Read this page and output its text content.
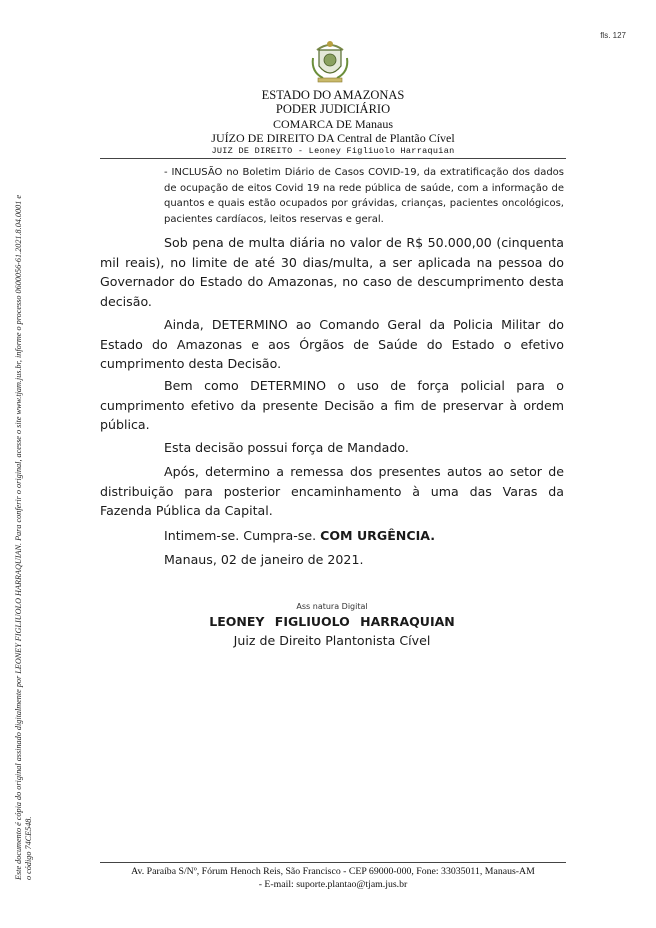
fls. 127
Este documento é cópia do original assinado digitalmente por LEONEY FIGLIUOLO HARRAQUIAN. Para conferir o original, acesse o site www.tjam.jus.br, informe o processo 0600056-61.2021.8.04.0001 e o código 74CE548.
ESTADO DO AMAZONAS
PODER JUDICIÁRIO
COMARCA DE Manaus
JUÍZO DE DIREITO DA Central de Plantão Cível
JUIZ DE DIREITO - Leoney Figliuolo Harraquian

- INCLUSÃO no Boletim Diário de Casos COVID-19, da extratificação dos dados de ocupação de eitos Covid 19 na rede pública de saúde, com a informação de quantos e quais estão ocupados por grávidas, crianças, pacientes oncológicos, pacientes cardíacos, leitos reservas e geral.

Sob pena de multa diária no valor de R$ 50.000,00 (cinquenta mil reais), no limite de até 30 dias/multa, a ser aplicada na pessoa do Governador do Estado do Amazonas, no caso de descumprimento desta decisão.

Ainda, DETERMINO ao Comando Geral da Policia Militar do Estado do Amazonas e aos Órgãos de Saúde do Estado o efetivo cumprimento desta Decisão.

Bem como DETERMINO o uso de força policial para o cumprimento efetivo da presente Decisão a fim de preservar à ordem pública.

Esta decisão possui força de Mandado.

Após, determino a remessa dos presentes autos ao setor de distribuição para posterior encaminhamento à uma das Varas da Fazenda Pública da Capital.

Intimem-se. Cumpra-se. COM URGÊNCIA.

Manaus, 02 de janeiro de 2021.

Ass natura Digital
LEONEY FIGLIUOLO HARRAQUIAN
Juiz de Direito Plantonista Cível
Av. Paraíba S/Nº, Fórum Henoch Reis, São Francisco - CEP 69000-000, Fone: 33035011, Manaus-AM
- E-mail: suporte.plantao@tjam.jus.br
